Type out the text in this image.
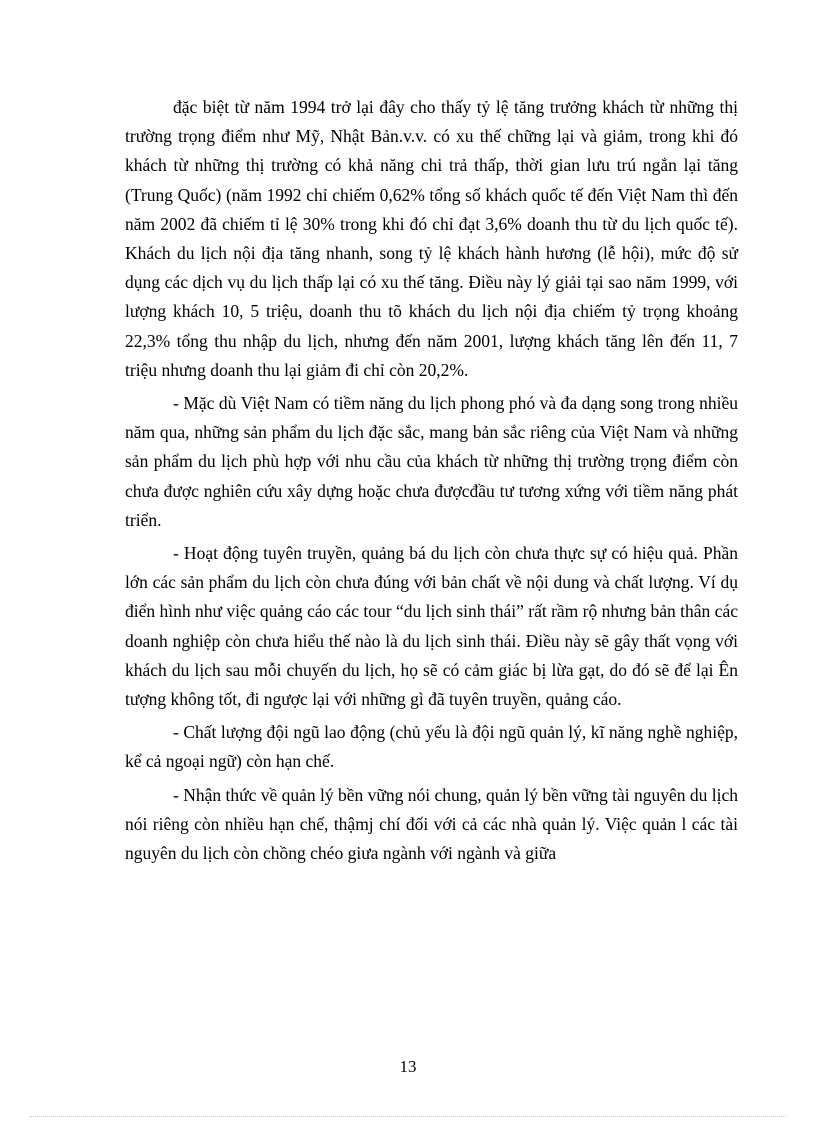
đặc biệt từ năm 1994 trở lại đây cho thấy tỷ lệ tăng trưởng khách từ những thị trường trọng điểm như Mỹ, Nhật Bản.v.v. có xu thế chững lại và giảm, trong khi đó khách từ những thị trường có khả năng chi trả thấp, thời gian lưu trú ngắn lại tăng (Trung Quốc) (năm 1992 chỉ chiếm 0,62% tổng số khách quốc tế đến Việt Nam thì đến năm 2002 đã chiếm tỉ lệ 30% trong khi đó chỉ đạt 3,6% doanh thu từ du lịch quốc tế). Khách du lịch nội địa tăng nhanh, song tỷ lệ khách hành hương (lễ hội), mức độ sử dụng các dịch vụ du lịch thấp lại có xu thế tăng. Điều này lý giải tại sao năm 1999, với lượng khách 10, 5 triệu, doanh thu tõ khách du lịch nội địa chiếm tỷ trọng khoảng 22,3% tổng thu nhập du lịch, nhưng đến năm 2001, lượng khách tăng lên đến 11, 7 triệu nhưng doanh thu lại giảm đi chỉ còn 20,2%.

- Mặc dù Việt Nam có tiềm năng du lịch phong phó và đa dạng song trong nhiều năm qua, những sản phẩm du lịch đặc sắc, mang bản sắc riêng của Việt Nam và những sản phẩm du lịch phù hợp với nhu cầu của khách từ những thị trường trọng điểm còn chưa được nghiên cứu xây dựng hoặc chưa đượcđầu tư tương xứng với tiềm năng phát triển.

- Hoạt động tuyên truyền, quảng bá du lịch còn chưa thực sự có hiệu quả. Phần lớn các sản phẩm du lịch còn chưa đúng với bản chất về nội dung và chất lượng. Ví dụ điển hình như việc quảng cáo các tour “du lịch sinh thái” rất rầm rộ nhưng bản thân các doanh nghiệp còn chưa hiểu thế nào là du lịch sinh thái. Điều này sẽ gây thất vọng với khách du lịch sau mỗi chuyến du lịch, họ sẽ có cảm giác bị lừa gạt, do đó sẽ để lại Ên tượng không tốt, đi ngược lại với những gì đã tuyên truyền, quảng cáo.

- Chất lượng đội ngũ lao động (chủ yếu là đội ngũ quản lý, kĩ năng nghề nghiệp, kể cả ngoại ngữ) còn hạn chế.

- Nhận thức về quản lý bền vững nói chung, quản lý bền vững tài nguyên du lịch nói riêng còn nhiều hạn chế, thậmj chí đối với cả các nhà quản lý. Việc quản l các tài nguyên du lịch còn chồng chéo giưa ngành với ngành và giữa

13
